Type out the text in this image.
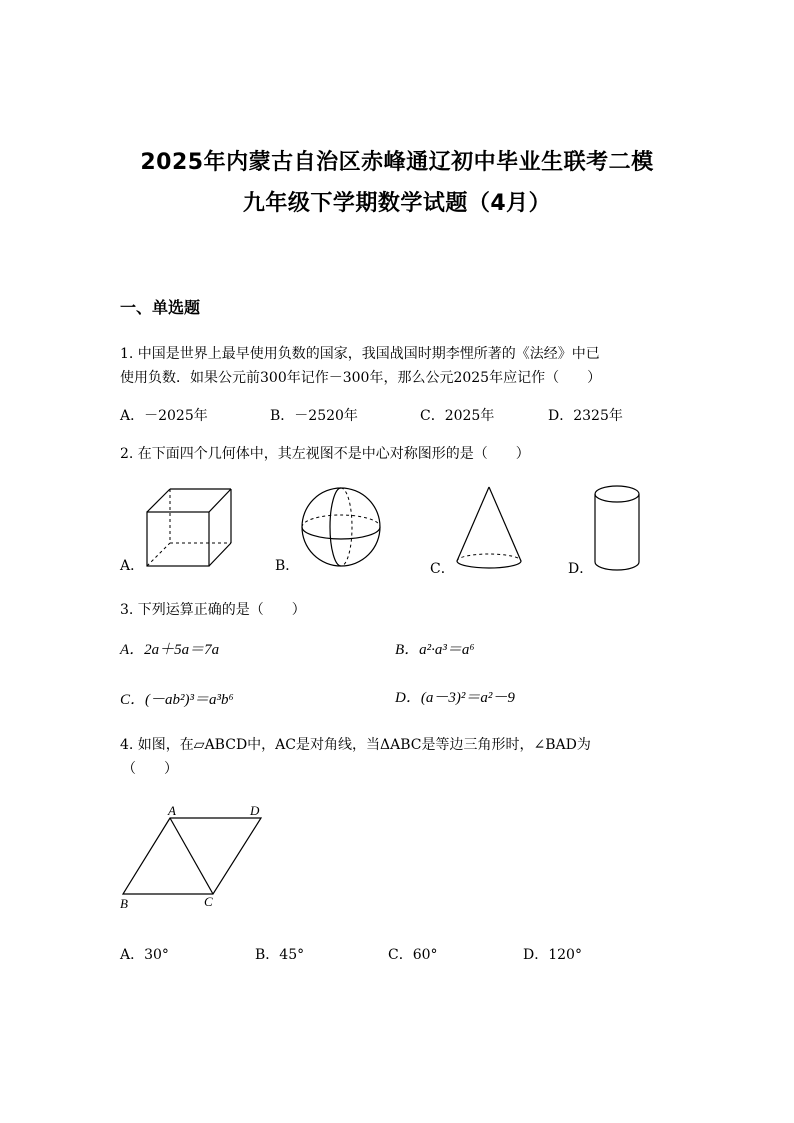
2025年内蒙古自治区赤峰通辽初中毕业生联考二模
九年级下学期数学试题（4月）
一、单选题
1. 中国是世界上最早使用负数的国家，我国战国时期李悝所著的《法经》中已
使用负数．如果公元前300年记作－300年，那么公元2025年应记作（　　）
A．－2025年	B．－2520年	C．2025年	D．2325年
2. 在下面四个几何体中，其左视图不是中心对称图形的是（　　）
A．	B．	C．	D．
3. 下列运算正确的是（　　）
A．2a＋5a＝7a	B．a²·a³＝a⁶
C．(－ab²)³＝a³b⁶	D．(a－3)²＝a²－9
4. 如图，在▱ABCD中，AC是对角线，当ΔABC是等边三角形时，∠BAD为
（　　）
A	D
B	C
A．30°	B．45°	C．60°	D．120°
